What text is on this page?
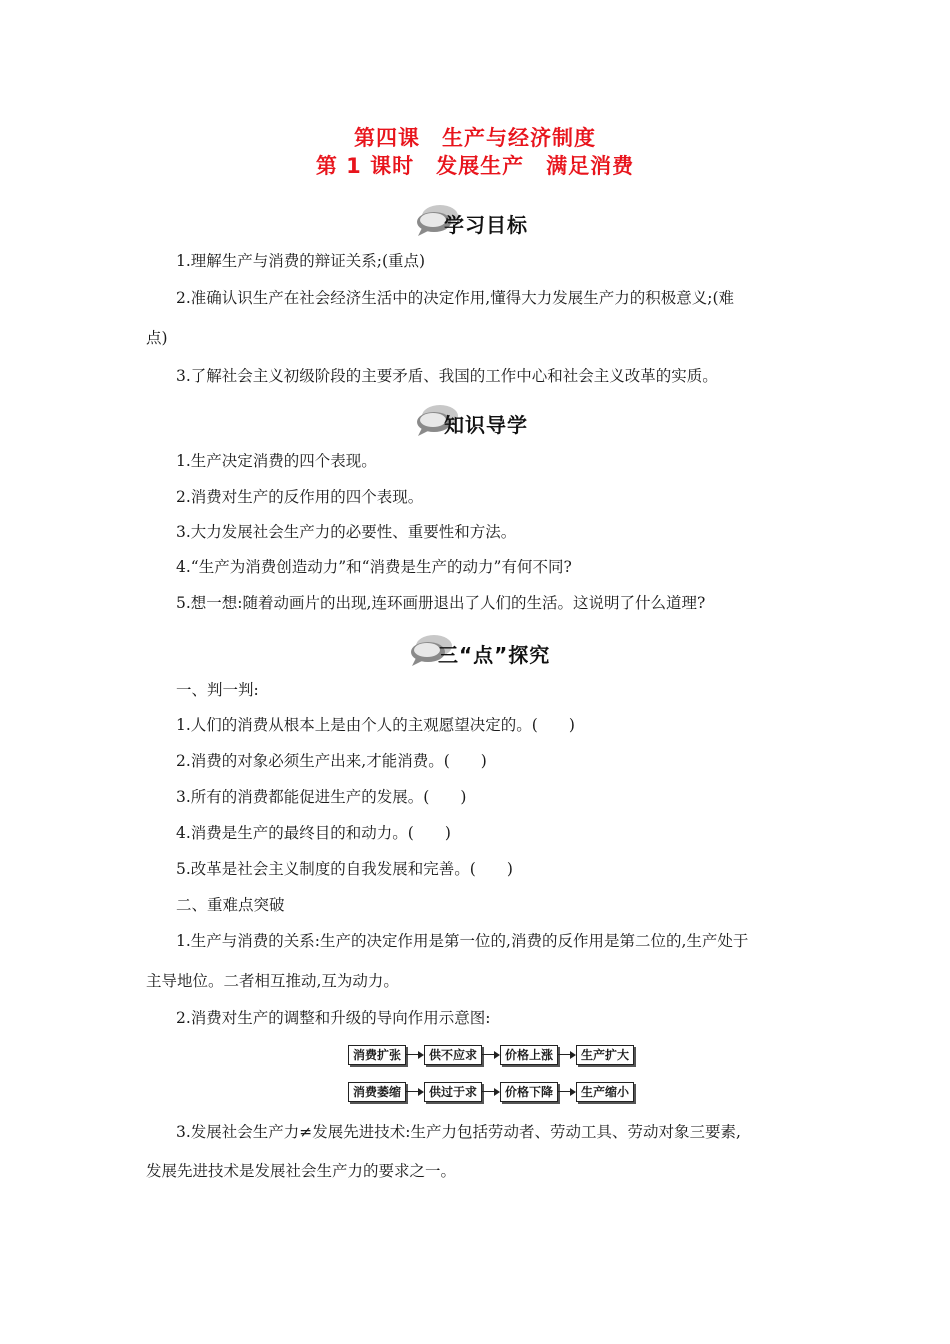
第四课　生产与经济制度
第 1 课时　发展生产　满足消费
学习目标
1.理解生产与消费的辩证关系;(重点)
2.准确认识生产在社会经济生活中的决定作用,懂得大力发展生产力的积极意义;(难
点)
3.了解社会主义初级阶段的主要矛盾、我国的工作中心和社会主义改革的实质。
知识导学
1.生产决定消费的四个表现。
2.消费对生产的反作用的四个表现。
3.大力发展社会生产力的必要性、重要性和方法。
4.“生产为消费创造动力”和“消费是生产的动力”有何不同?
5.想一想:随着动画片的出现,连环画册退出了人们的生活。这说明了什么道理?
三“点”探究
一、判一判:
1.人们的消费从根本上是由个人的主观愿望决定的。(　　)
2.消费的对象必须生产出来,才能消费。(　　)
3.所有的消费都能促进生产的发展。(　　)
4.消费是生产的最终目的和动力。(　　)
5.改革是社会主义制度的自我发展和完善。(　　)
二、重难点突破
1.生产与消费的关系:生产的决定作用是第一位的,消费的反作用是第二位的,生产处于
主导地位。二者相互推动,互为动力。
2.消费对生产的调整和升级的导向作用示意图:
消费扩张	供不应求	价格上涨	生产扩大
消费萎缩	供过于求	价格下降	生产缩小
3.发展社会生产力≠发展先进技术:生产力包括劳动者、劳动工具、劳动对象三要素,
发展先进技术是发展社会生产力的要求之一。
